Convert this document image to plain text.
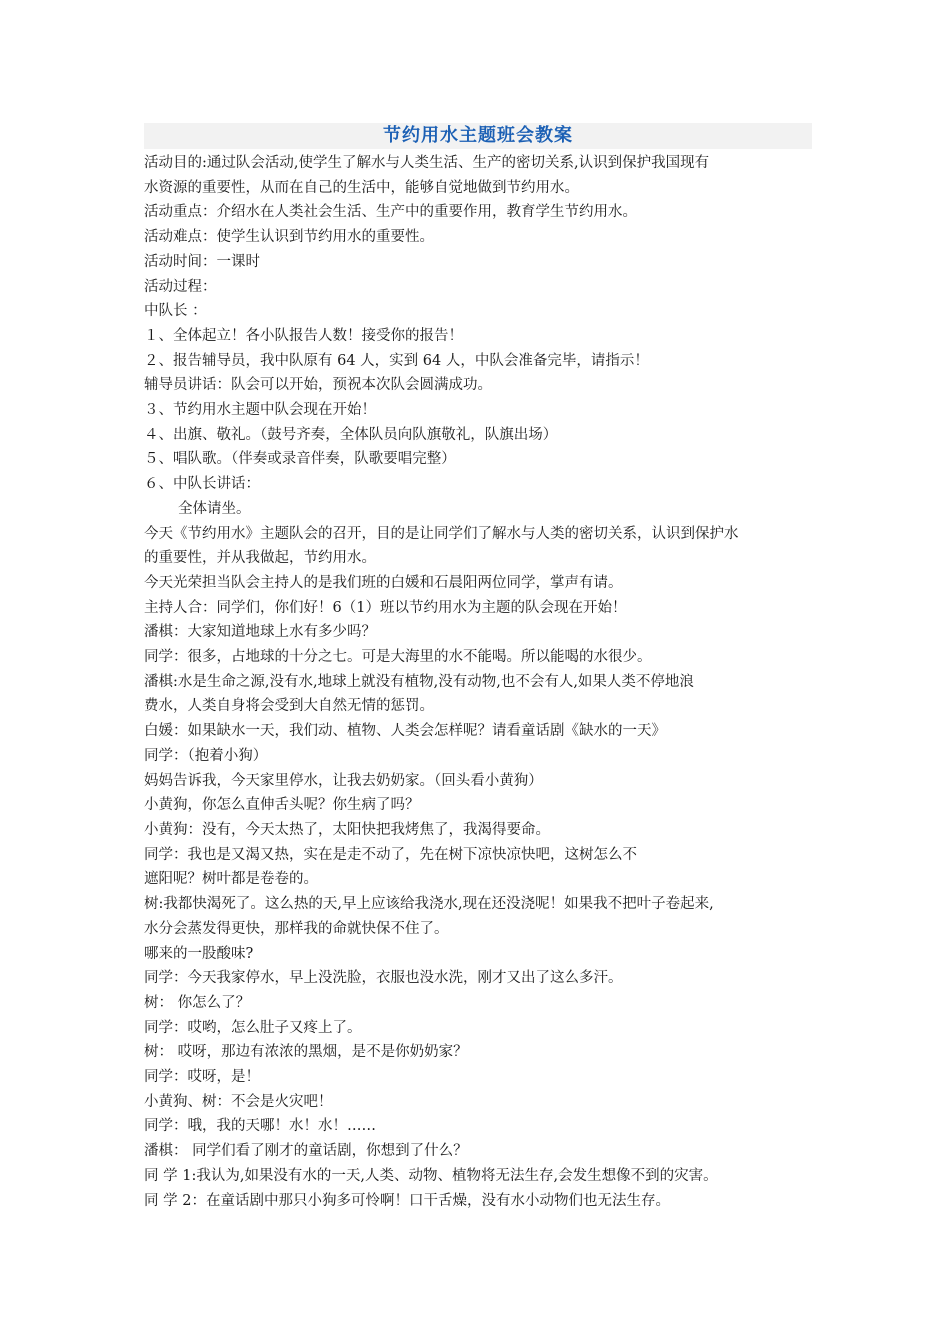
节约用水主题班会教案
活动目的:通过队会活动,使学生了解水与人类生活、生产的密切关系,认识到保护我国现有
水资源的重要性，从而在自己的生活中，能够自觉地做到节约用水。
活动重点：介绍水在人类社会生活、生产中的重要作用，教育学生节约用水。
活动难点：使学生认识到节约用水的重要性。
活动时间：一课时
活动过程：
中队长 ：
１、全体起立！各小队报告人数！接受你的报告！
２、报告辅导员，我中队原有 64 人，实到 64 人，中队会准备完毕，请指示！
辅导员讲话：队会可以开始，预祝本次队会圆满成功。
３、节约用水主题中队会现在开始！
４、出旗、敬礼。（鼓号齐奏，全体队员向队旗敬礼，队旗出场）
５、唱队歌。（伴奏或录音伴奏，队歌要唱完整）
６、中队长讲话：
全体请坐。
今天《节约用水》主题队会的召开，目的是让同学们了解水与人类的密切关系，认识到保护水
的重要性，并从我做起，节约用水。
今天光荣担当队会主持人的是我们班的白媛和石晨阳两位同学，掌声有请。
主持人合：同学们，你们好！6（1）班以节约用水为主题的队会现在开始！
潘棋：大家知道地球上水有多少吗？
同学：很多，占地球的十分之七。可是大海里的水不能喝。所以能喝的水很少。
潘棋:水是生命之源,没有水,地球上就没有植物,没有动物,也不会有人,如果人类不停地浪
费水，人类自身将会受到大自然无情的惩罚。
白媛：如果缺水一天，我们动、植物、人类会怎样呢？请看童话剧《缺水的一天》
同学：（抱着小狗）
妈妈告诉我，今天家里停水，让我去奶奶家。（回头看小黄狗）
小黄狗，你怎么直伸舌头呢？你生病了吗？
小黄狗：没有，今天太热了，太阳快把我烤焦了，我渴得要命。
同学：我也是又渴又热，实在是走不动了，先在树下凉快凉快吧，这树怎么不
遮阳呢？树叶都是卷卷的。
树:我都快渴死了。这么热的天,早上应该给我浇水,现在还没浇呢！如果我不把叶子卷起来,
水分会蒸发得更快，那样我的命就快保不住了。
哪来的一股酸味?
同学：今天我家停水，早上没洗脸，衣服也没水洗，刚才又出了这么多汗。
树： 你怎么了？
同学：哎哟，怎么肚子又疼上了。
树： 哎呀，那边有浓浓的黑烟，是不是你奶奶家？
同学：哎呀，是！
小黄狗、树：不会是火灾吧！
同学：哦，我的天哪！水！水！……
潘棋： 同学们看了刚才的童话剧，你想到了什么？
同 学 1:我认为,如果没有水的一天,人类、动物、植物将无法生存,会发生想像不到的灾害。
同 学 2：在童话剧中那只小狗多可怜啊！口干舌燥，没有水小动物们也无法生存。
